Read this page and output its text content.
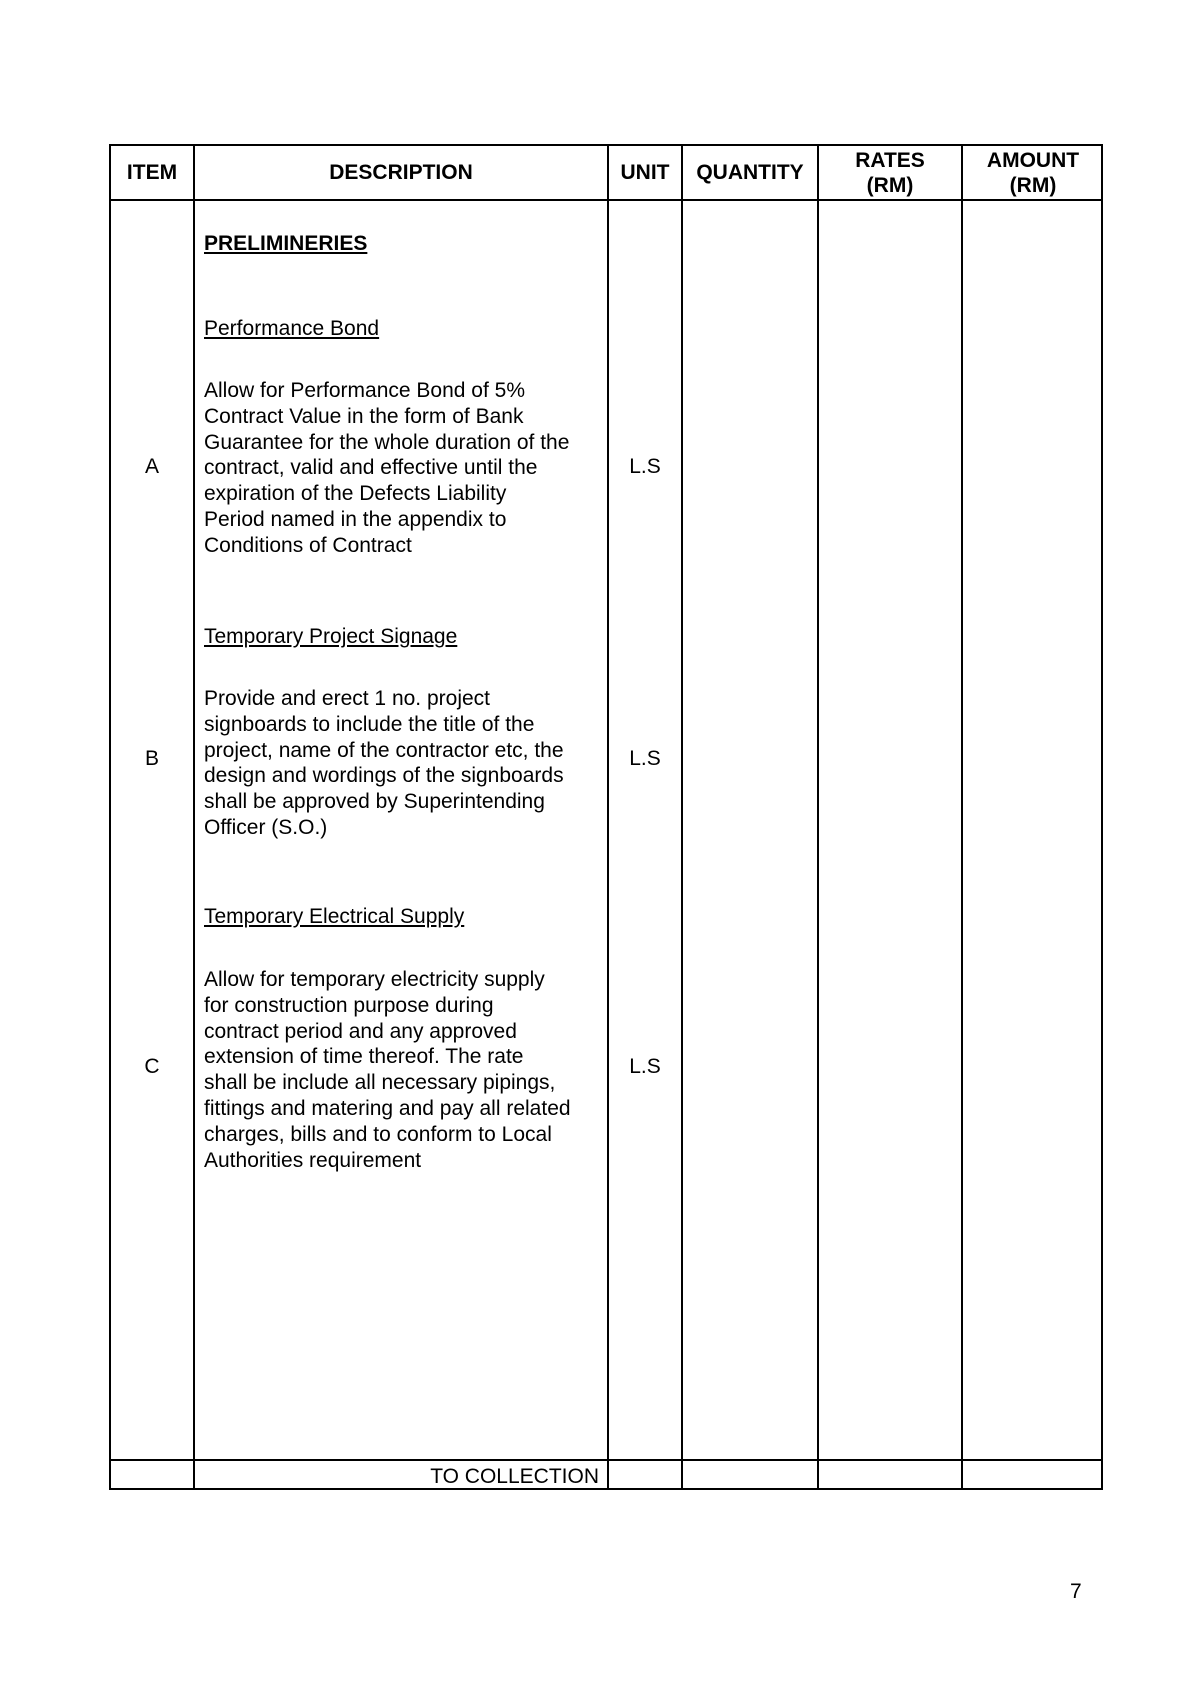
ITEM	DESCRIPTION	UNIT QUANTITY
RATES
(RM)
AMOUNT
(RM)
PRELIMINERIES
A
Performance Bond
Allow for Performance Bond of 5%
Contract Value in the form of Bank
Guarantee for the whole duration of the
contract, valid and effective until the
expiration of the Defects Liability
Period named in the appendix to
Conditions of Contract
L.S
B
Temporary Project Signage
Provide and erect 1 no. project
signboards to include the title of the
project, name of the contractor etc, the
design and wordings of the signboards
shall be approved by Superintending
Officer (S.O.)
L.S
C
Temporary Electrical Supply
Allow for temporary electricity supply
for construction purpose during
contract period and any approved
extension of time thereof. The rate
shall be include all necessary pipings,
fittings and matering and pay all related
charges, bills and to conform to Local
Authorities requirement
L.S
TO COLLECTION
7
